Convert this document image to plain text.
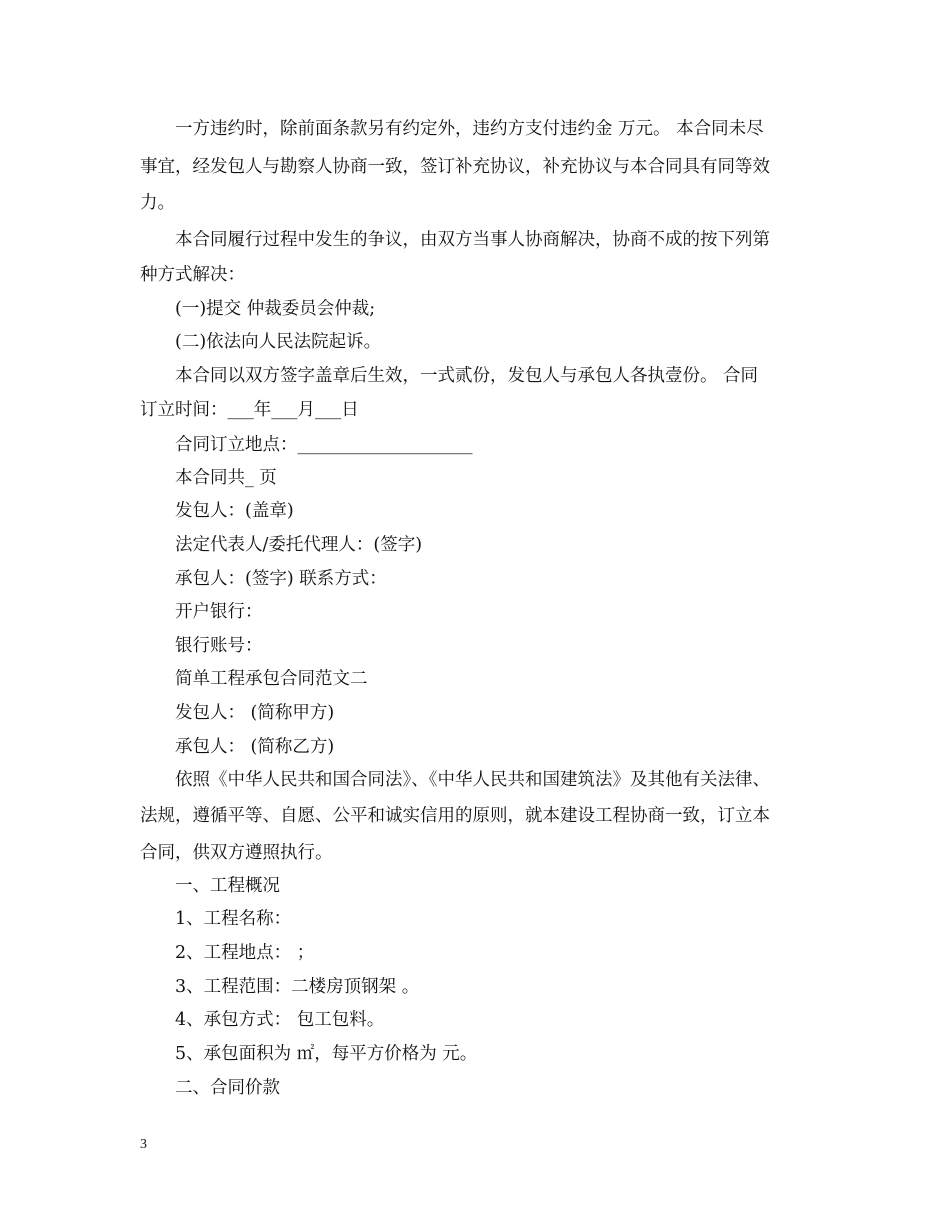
一方违约时，除前面条款另有约定外，违约方支付违约金 万元。 本合同未尽
事宜，经发包人与勘察人协商一致，签订补充协议，补充协议与本合同具有同等效
力。
本合同履行过程中发生的争议，由双方当事人协商解决，协商不成的按下列第
种方式解决：
(一)提交 仲裁委员会仲裁;
(二)依法向人民法院起诉。
本合同以双方签字盖章后生效，一式贰份，发包人与承包人各执壹份。 合同
订立时间：___年___月___日
合同订立地点：____________________
本合同共_ 页
发包人：(盖章)
法定代表人/委托代理人：(签字)
承包人：(签字) 联系方式：
开户银行：
银行账号：
简单工程承包合同范文二
发包人： (简称甲方)
承包人： (简称乙方)
依照《中华人民共和国合同法》、《中华人民共和国建筑法》及其他有关法律、
法规，遵循平等、自愿、公平和诚实信用的原则，就本建设工程协商一致，订立本
合同，供双方遵照执行。
一、工程概况
1、工程名称：
2、工程地点： ；
3、工程范围：二楼房顶钢架 。
4、承包方式： 包工包料。
5、承包面积为 ㎡，每平方价格为 元。
二、合同价款
3
